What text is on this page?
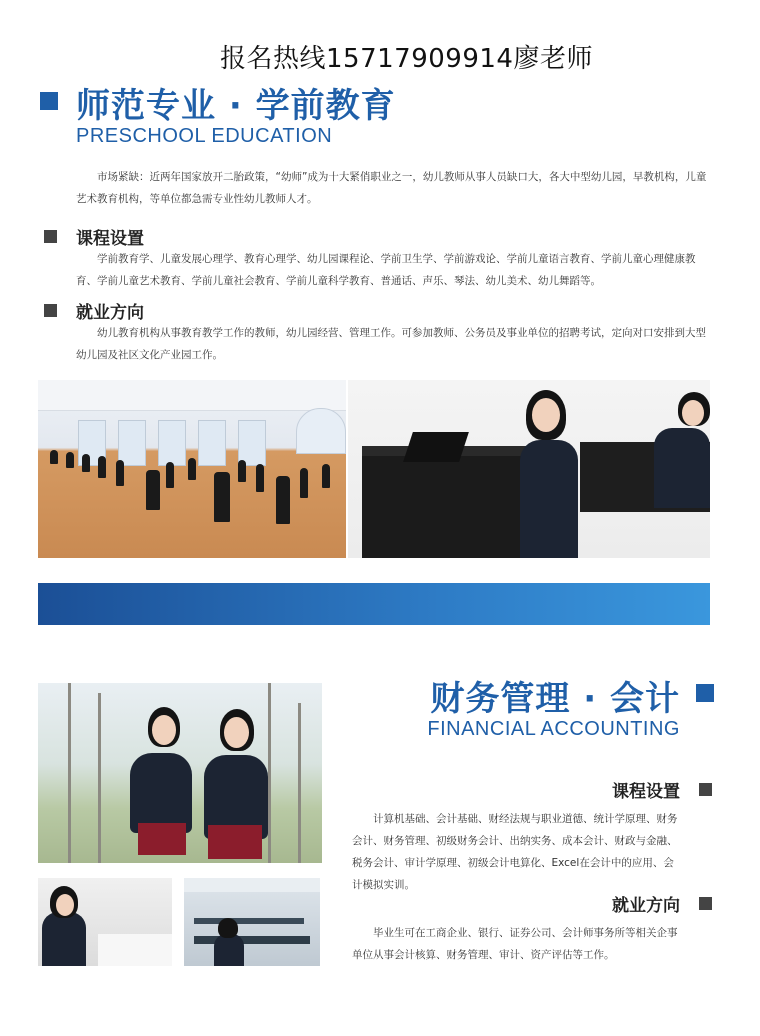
报名热线15717909914廖老师
师范专业 · 学前教育
PRESCHOOL EDUCATION
市场紧缺：近两年国家放开二胎政策，“幼师”成为十大紧俏职业之一，幼儿教师从事人员缺口大，各大中型幼儿园，早教机构，儿童艺术教育机构，等单位都急需专业性幼儿教师人才。
课程设置
学前教育学、儿童发展心理学、教育心理学、幼儿园课程论、学前卫生学、学前游戏论、学前儿童语言教育、学前儿童心理健康教育、学前儿童艺术教育、学前儿童社会教育、学前儿童科学教育、普通话、声乐、琴法、幼儿美术、幼儿舞蹈等。
就业方向
幼儿教育机构从事教育教学工作的教师，幼儿园经营、管理工作。可参加教师、公务员及事业单位的招聘考试，定向对口安排到大型幼儿园及社区文化产业园工作。
财务管理 · 会计
FINANCIAL ACCOUNTING
课程设置
计算机基础、会计基础、财经法规与职业道德、统计学原理、财务会计、财务管理、初级财务会计、出纳实务、成本会计、财政与金融、税务会计、审计学原理、初级会计电算化、Excel在会计中的应用、会计模拟实训。
就业方向
毕业生可在工商企业、银行、证券公司、会计师事务所等相关企事单位从事会计核算、财务管理、审计、资产评估等工作。
